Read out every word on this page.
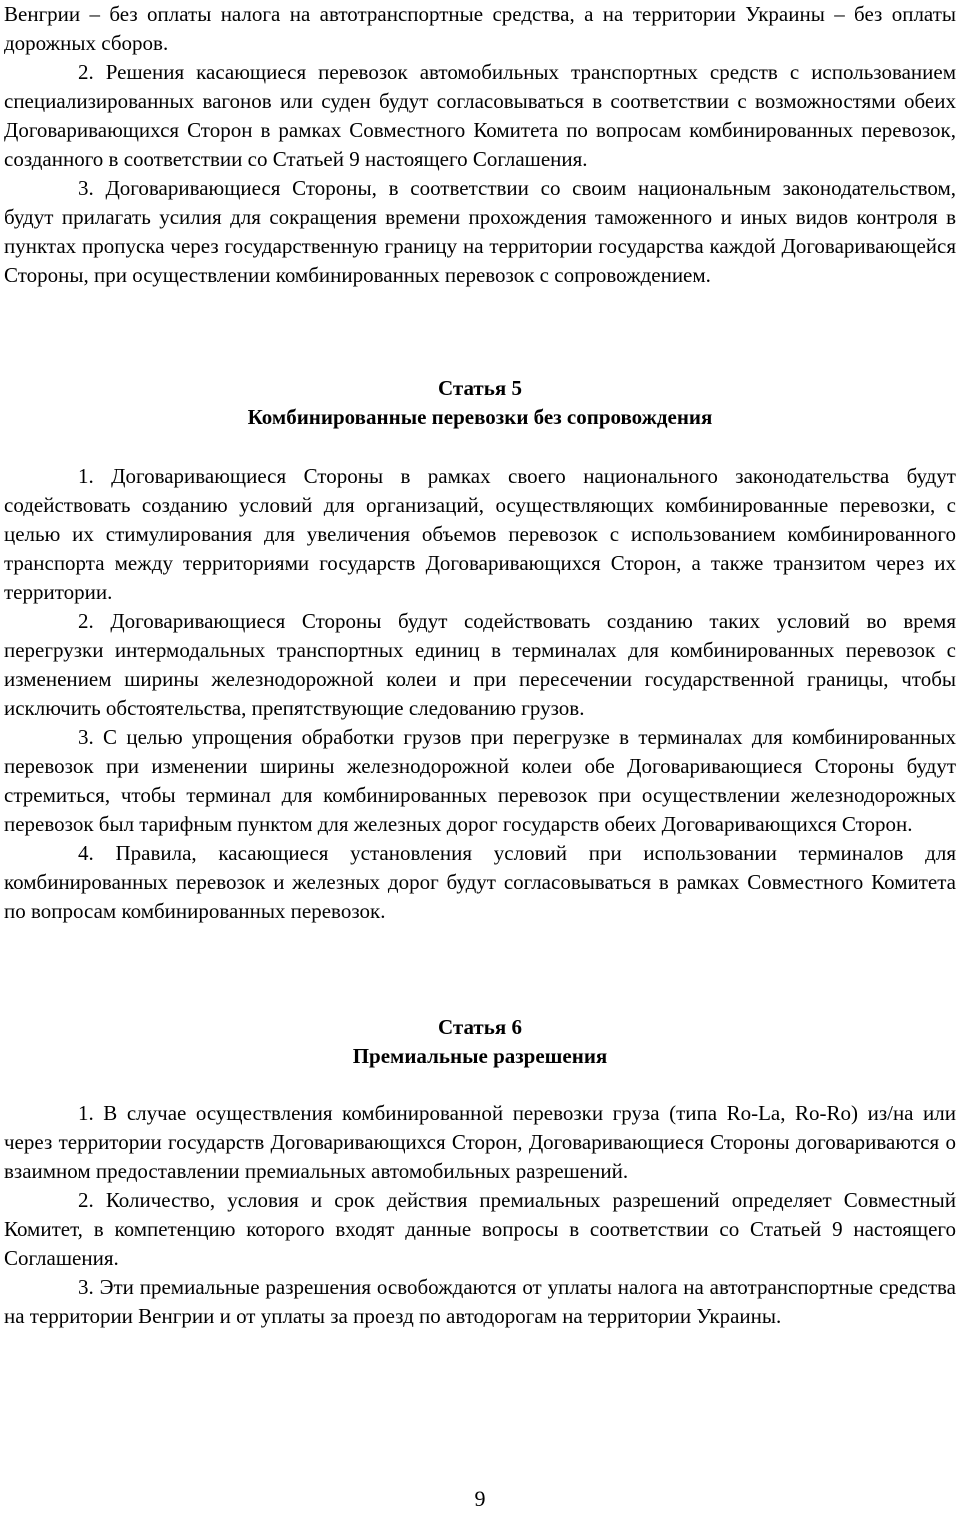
Венгрии – без оплаты налога на автотранспортные средства, а на территории Украины – без оплаты дорожных сборов.

2. Решения касающиеся перевозок автомобильных транспортных средств с использованием специализированных вагонов или суден будут согласовываться в соответствии с возможностями обеих Договаривающихся Сторон в рамках Совместного Комитета по вопросам комбинированных перевозок, созданного в соответствии со Статьей 9 настоящего Соглашения.

3. Договаривающиеся Стороны, в соответствии со своим национальным законодательством, будут прилагать усилия для сокращения времени прохождения таможенного и иных видов контроля в пунктах пропуска через государственную границу на территории государства каждой Договаривающейся Стороны, при осуществлении комбинированных перевозок с сопровождением.

Статья 5
Комбинированные перевозки без сопровождения

1. Договаривающиеся Стороны в рамках своего национального законодательства будут содействовать созданию условий для организаций, осуществляющих комбинированные перевозки, с целью их стимулирования для увеличения объемов перевозок с использованием комбинированного транспорта между территориями государств Договаривающихся Сторон, а также транзитом через их территории.

2. Договаривающиеся Стороны будут содействовать созданию таких условий во время перегрузки интермодальных транспортных единиц в терминалах для комбинированных перевозок с изменением ширины железнодорожной колеи и при пересечении государственной границы, чтобы исключить обстоятельства, препятствующие следованию грузов.

3. С целью упрощения обработки грузов при перегрузке в терминалах для комбинированных перевозок при изменении ширины железнодорожной колеи обе Договаривающиеся Стороны будут стремиться, чтобы терминал для комбинированных перевозок при осуществлении железнодорожных перевозок был тарифным пунктом для железных дорог государств обеих Договаривающихся Сторон.

4. Правила, касающиеся установления условий при использовании терминалов для комбинированных перевозок и железных дорог будут согласовываться в рамках Совместного Комитета по вопросам комбинированных перевозок.

Статья 6
Премиальные разрешения

1. В случае осуществления комбинированной перевозки груза (типа Ro-La, Ro-Ro) из/на или через территории государств Договаривающихся Сторон, Договаривающиеся Стороны договариваются о взаимном предоставлении премиальных автомобильных разрешений.

2. Количество, условия и срок действия премиальных разрешений определяет Совместный Комитет, в компетенцию которого входят данные вопросы в соответствии со Статьей 9 настоящего Соглашения.

3. Эти премиальные разрешения освобождаются от уплаты налога на автотранспортные средства на территории Венгрии и от уплаты за проезд по автодорогам на территории Украины.

9
